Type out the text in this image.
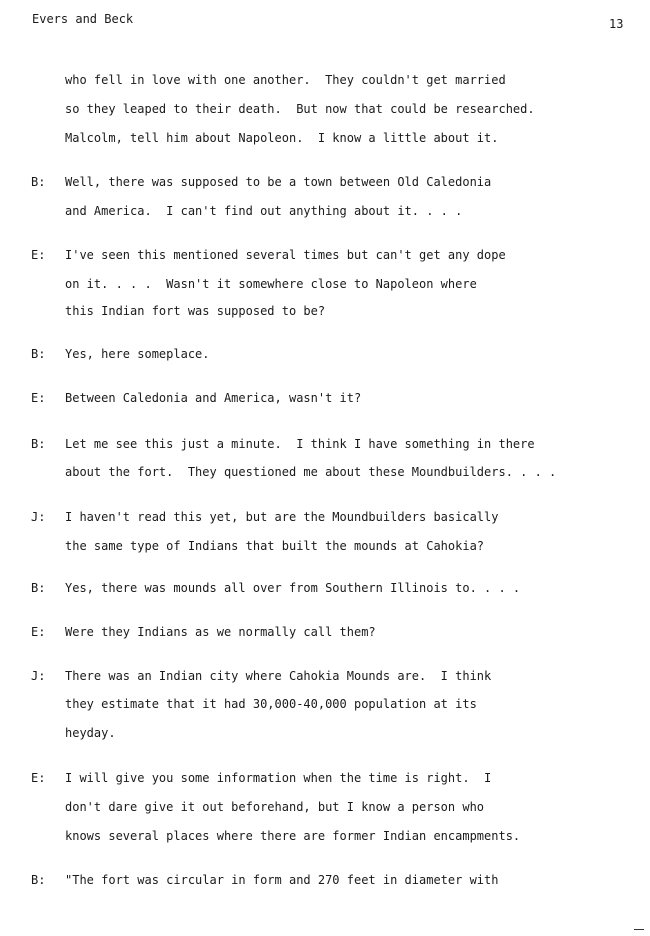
Evers and Beck	13
who fell in love with one another.  They couldn't get married
so they leaped to their death.  But now that could be researched.
Malcolm, tell him about Napoleon.  I know a little about it.
B: Well, there was supposed to be a town between Old Caledonia
and America.  I can't find out anything about it. . . .
E: I've seen this mentioned several times but can't get any dope
on it. . . .  Wasn't it somewhere close to Napoleon where
this Indian fort was supposed to be?
B: Yes, here someplace.
E: Between Caledonia and America, wasn't it?
B: Let me see this just a minute.  I think I have something in there
about the fort.  They questioned me about these Moundbuilders. . . .
J: I haven't read this yet, but are the Moundbuilders basically
the same type of Indians that built the mounds at Cahokia?
B: Yes, there was mounds all over from Southern Illinois to. . . .
E: Were they Indians as we normally call them?
J: There was an Indian city where Cahokia Mounds are.  I think
they estimate that it had 30,000-40,000 population at its
heyday.
E: I will give you some information when the time is right.  I
don't dare give it out beforehand, but I know a person who
knows several places where there are former Indian encampments.
B: "The fort was circular in form and 270 feet in diameter with
